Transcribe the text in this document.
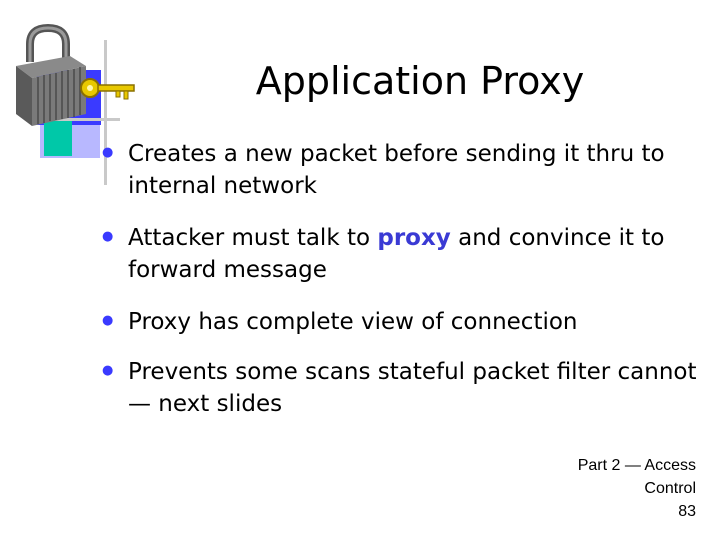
Application Proxy
● Creates a new packet before sending it thru to internal network
● Attacker must talk to proxy and convince it to forward message
● Proxy has complete view of connection
● Prevents some scans stateful packet filter cannot — next slides
Part 2 — Access
Control
83
